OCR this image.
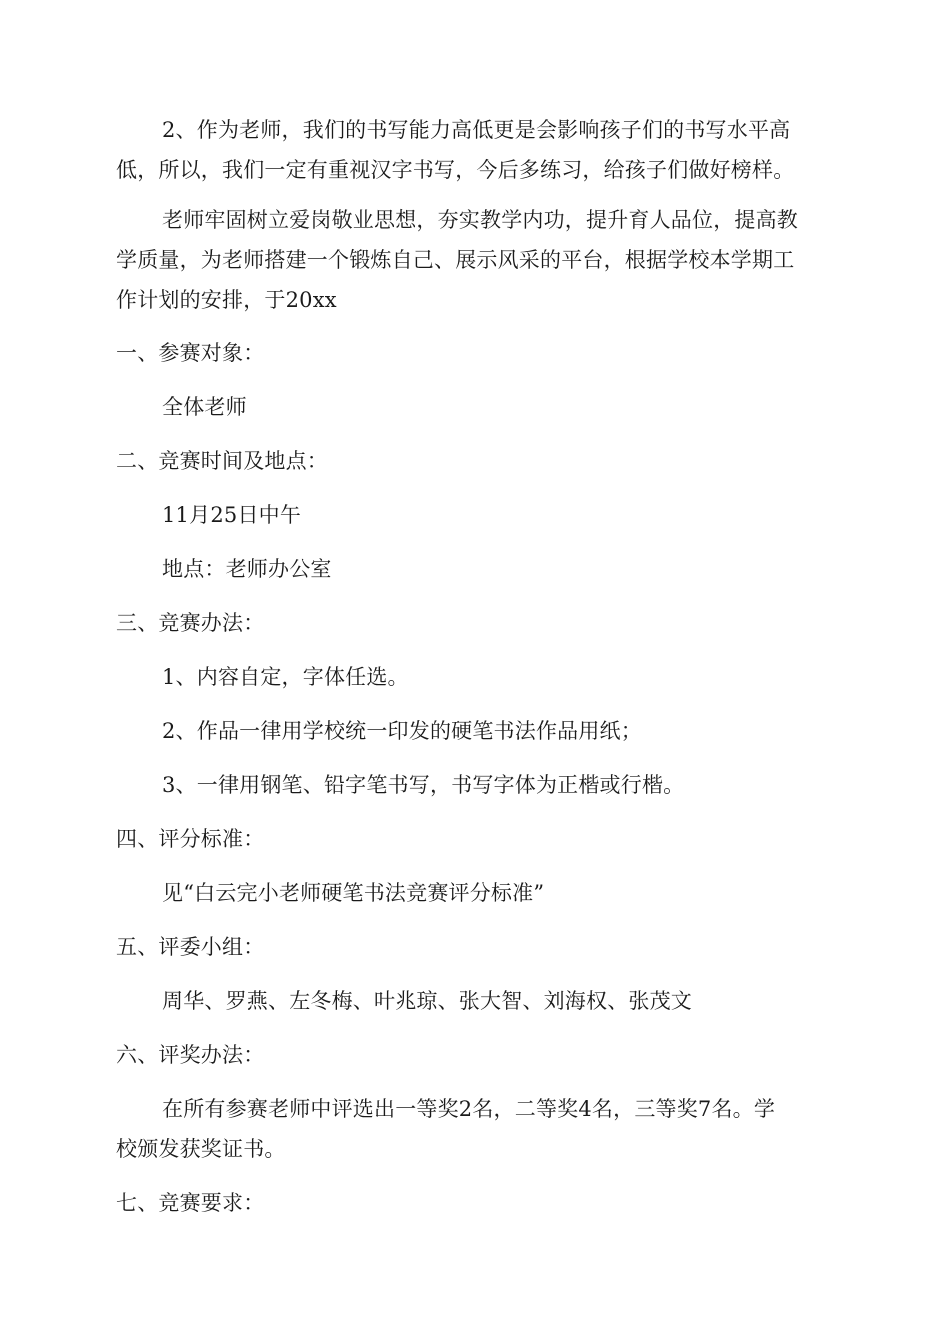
2、作为老师，我们的书写能力高低更是会影响孩子们的书写水平高
低，所以，我们一定有重视汉字书写，今后多练习，给孩子们做好榜样。
老师牢固树立爱岗敬业思想，夯实教学内功，提升育人品位，提高教
学质量，为老师搭建一个锻炼自己、展示风采的平台，根据学校本学期工
作计划的安排，于20xx
一、参赛对象：
全体老师
二、竞赛时间及地点：
11月25日中午
地点：老师办公室
三、竞赛办法：
1、内容自定，字体任选。
2、作品一律用学校统一印发的硬笔书法作品用纸；
3、一律用钢笔、铅字笔书写，书写字体为正楷或行楷。
四、评分标准：
见“白云完小老师硬笔书法竞赛评分标准”
五、评委小组：
周华、罗燕、左冬梅、叶兆琼、张大智、刘海权、张茂文
六、评奖办法：
在所有参赛老师中评选出一等奖2名，二等奖4名，三等奖7名。学
校颁发获奖证书。
七、竞赛要求：
